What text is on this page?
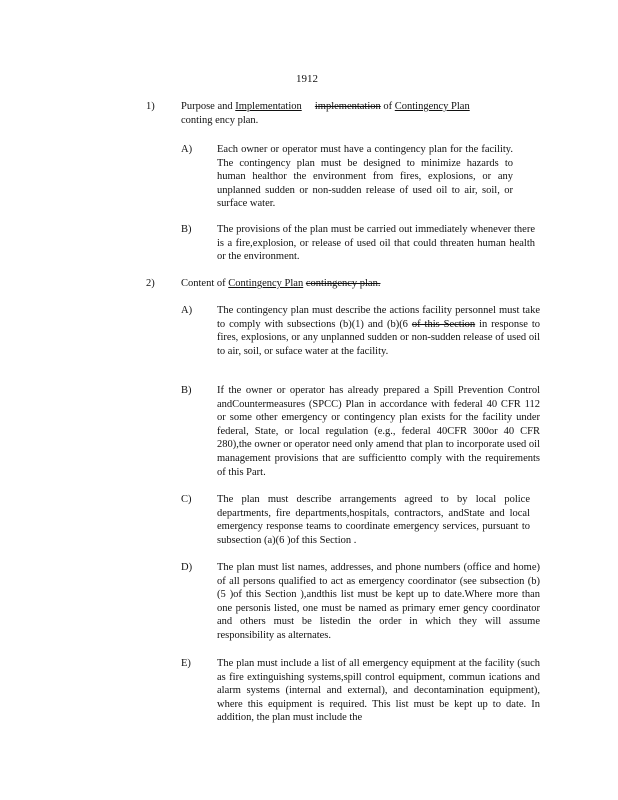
1912
1)	Purpose and Implementation implementation of Contingency Plan
conting ency plan.
A) Each owner or operator must have a contingency plan for the facility. The contingency plan must be designed to minimize hazards to human healthor the environment from fires, explosions, or any unplanned sudden or non-sudden release of used oil to air, soil, or surface water.
B) The provisions of the plan must be carried out immediately whenever there is a fire,explosion, or release of used oil that could threaten human health or the environment.
2)	Content of Contingency Plan contingency plan.
A) The contingency plan must describe the actions facility personnel must take to comply with subsections (b)(1) and (b)(6 of this Section in response to fires, explosions, or any unplanned sudden or non-sudden release of used oil to air, soil, or suface water at the facility.
B) If the owner or operator has already prepared a Spill Prevention Control andCountermeasures (SPCC) Plan in accordance with federal 40 CFR 112 or some other emergency or contingency plan exists for the facility under federal, State, or local regulation (e.g., federal 40CFR 300or 40 CFR 280),the owner or operator need only amend that plan to incorporate used oil management provisions that are sufficientto comply with the requirements of this Part.
C) The plan must describe arrangements agreed to by local police departments, fire departments,hospitals, contractors, andState and local emergency response teams to coordinate emergency services, pursuant to subsection (a)(6 )of this Section .
D) The plan must list names, addresses, and phone numbers (office and home) of all persons qualified to act as emergency coordinator (see subsection (b)(5 )of this Section ),andthis list must be kept up to date.Where more than one personis listed, one must be named as primary emer gency coordinator and others must be listedin the order in which they will assume responsibility as alternates.
E) The plan must include a list of all emergency equipment at the facility (such as fire extinguishing systems,spill control equipment, commun ications and alarm systems (internal and external), and decontamination equipment), where this equipment is required. This list must be kept up to date. In addition, the plan must include the
